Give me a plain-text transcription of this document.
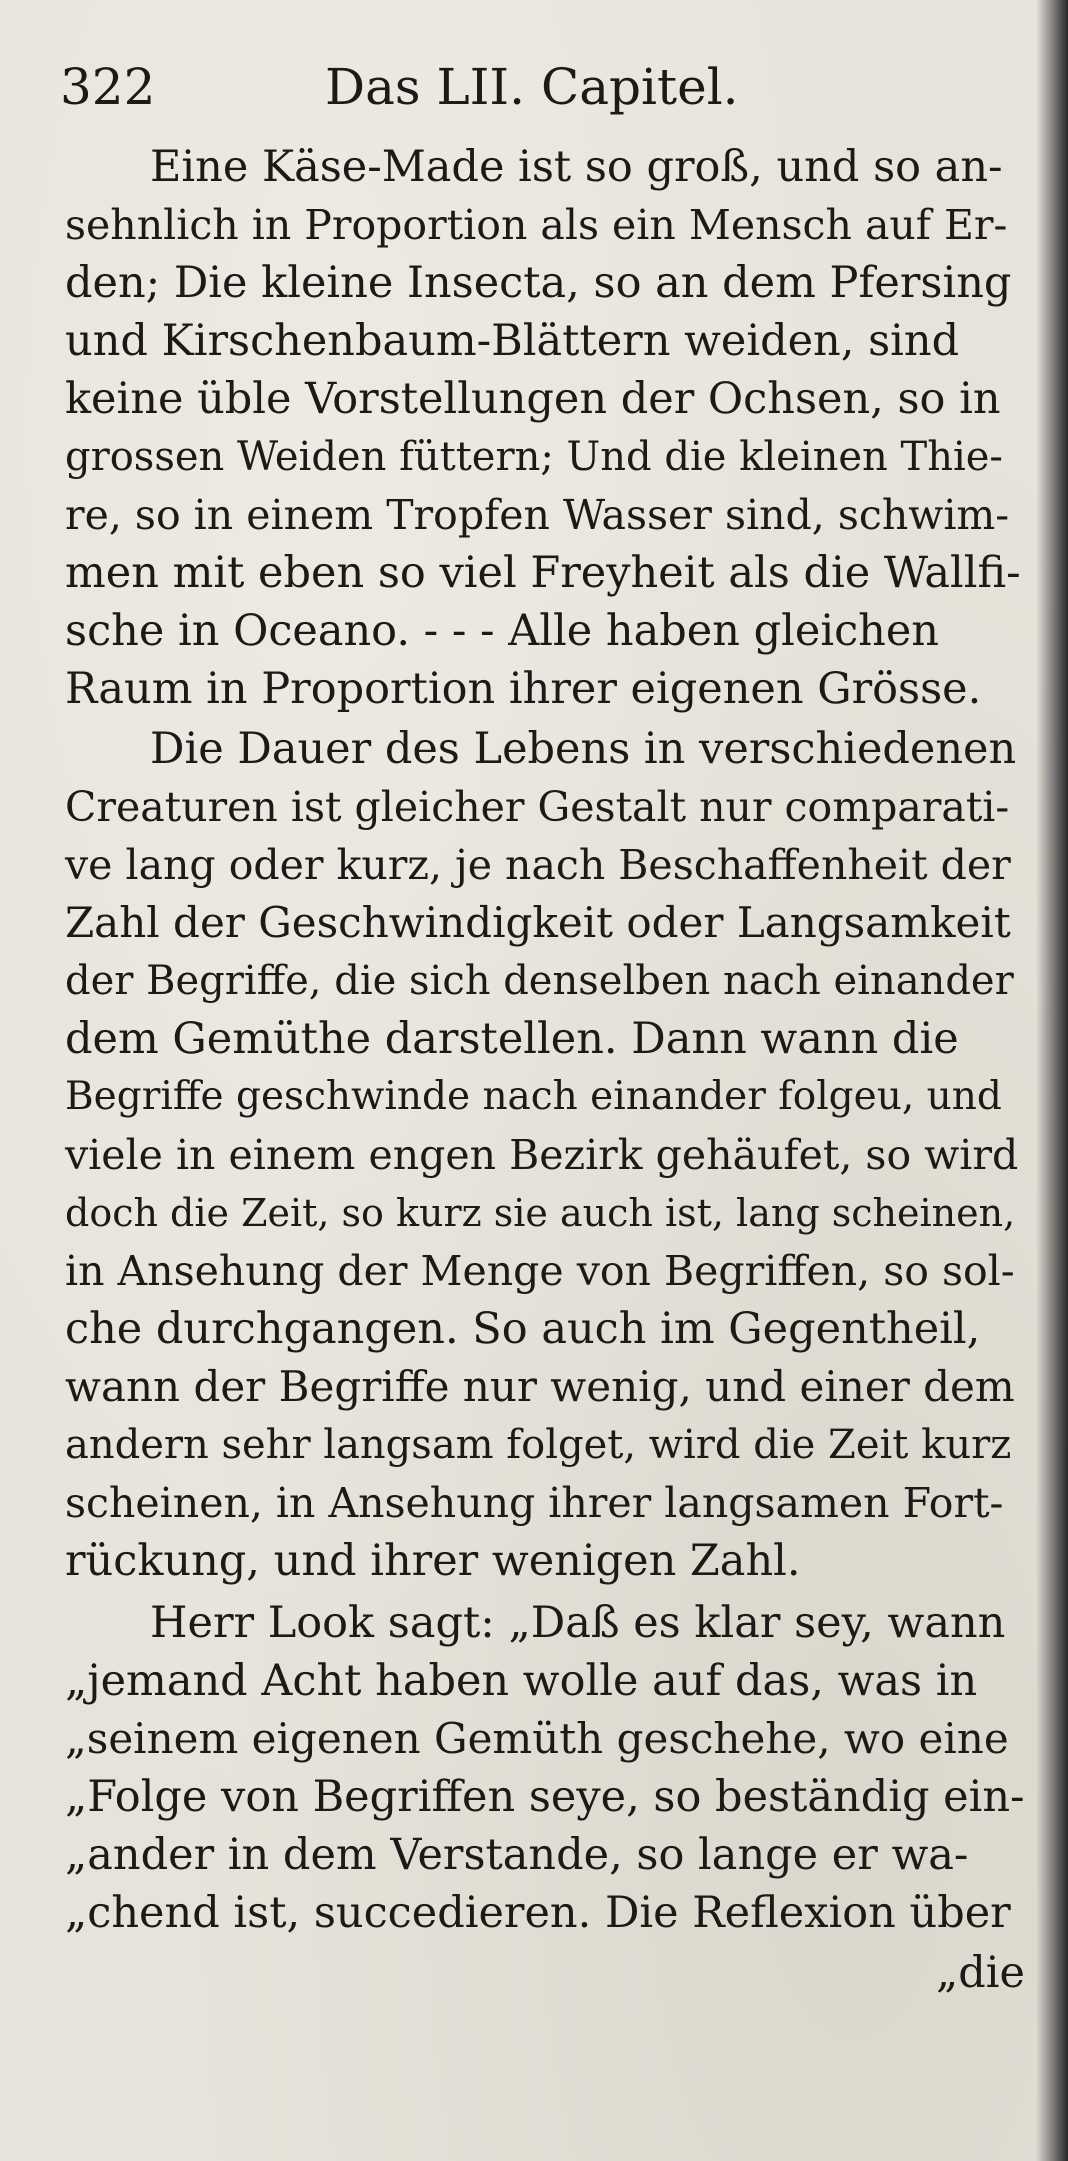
322	Das LII. Capitel.
Eine Käse-Made ist so groß, und so an-
sehnlich in Proportion als ein Mensch auf Er-
den; Die kleine Insecta, so an dem Pfersing
und Kirschenbaum-Blättern weiden, sind
keine üble Vorstellungen der Ochsen, so in
grossen Weiden füttern; Und die kleinen Thie-
re, so in einem Tropfen Wasser sind, schwim-
men mit eben so viel Freyheit als die Wallfi-
sche in Oceano. - - - Alle haben gleichen
Raum in Proportion ihrer eigenen Grösse.
Die Dauer des Lebens in verschiedenen
Creaturen ist gleicher Gestalt nur comparati-
ve lang oder kurz, je nach Beschaffenheit der
Zahl der Geschwindigkeit oder Langsamkeit
der Begriffe, die sich denselben nach einander
dem Gemüthe darstellen. Dann wann die
Begriffe geschwinde nach einander folgeu, und
viele in einem engen Bezirk gehäufet, so wird
doch die Zeit, so kurz sie auch ist, lang scheinen,
in Ansehung der Menge von Begriffen, so sol-
che durchgangen. So auch im Gegentheil,
wann der Begriffe nur wenig, und einer dem
andern sehr langsam folget, wird die Zeit kurz
scheinen, in Ansehung ihrer langsamen Fort-
rückung, und ihrer wenigen Zahl.
Herr Look sagt: „Daß es klar sey, wann
„jemand Acht haben wolle auf das, was in
„seinem eigenen Gemüth geschehe, wo eine
„Folge von Begriffen seye, so beständig ein-
„ander in dem Verstande, so lange er wa-
„chend ist, succedieren. Die Reflexion über
„die
